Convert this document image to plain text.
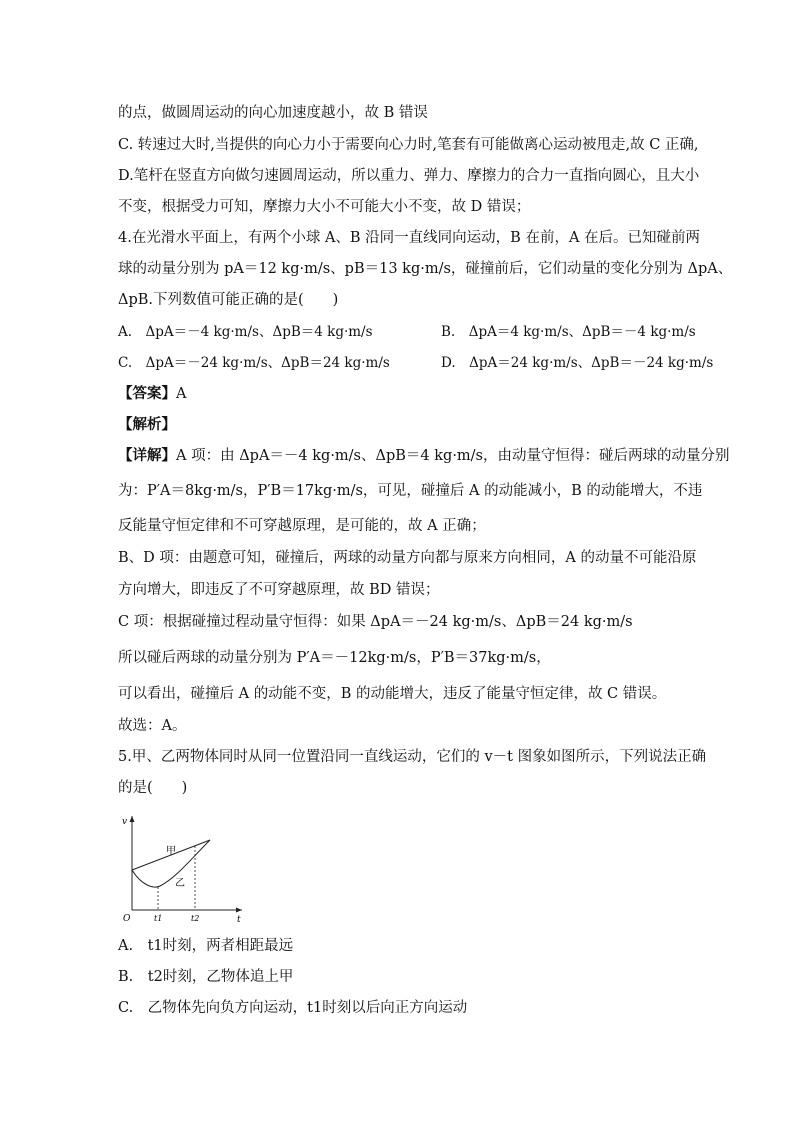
的点，做圆周运动的向心加速度越小，故 B 错误
C. 转速过大时,当提供的向心力小于需要向心力时,笔套有可能做离心运动被甩走,故 C 正确,
D.笔杆在竖直方向做匀速圆周运动，所以重力、弹力、摩擦力的合力一直指向圆心，且大小
不变，根据受力可知，摩擦力大小不可能大小不变，故 D 错误；
4.在光滑水平面上，有两个小球 A、B 沿同一直线同向运动，B 在前，A 在后。已知碰前两
球的动量分别为 pA＝12 kg·m/s、pB＝13 kg·m/s，碰撞前后，它们动量的变化分别为 ΔpA、
ΔpB.下列数值可能正确的是(　　)
A.　ΔpA＝－4 kg·m/s、ΔpB＝4 kg·m/s	B.　ΔpA＝4 kg·m/s、ΔpB＝－4 kg·m/s
C.　ΔpA＝－24 kg·m/s、ΔpB＝24 kg·m/s	D.　ΔpA＝24 kg·m/s、ΔpB＝－24 kg·m/s
【答案】A
【解析】
【详解】A 项：由 ΔpA＝－4 kg·m/s、ΔpB＝4 kg·m/s，由动量守恒得：碰后两球的动量分别
为：P′A＝8kg·m/s，P′B＝17kg·m/s，可见，碰撞后 A 的动能减小，B 的动能增大，不违
反能量守恒定律和不可穿越原理，是可能的，故 A 正确；
B、D 项：由题意可知，碰撞后，两球的动量方向都与原来方向相同，A 的动量不可能沿原
方向增大，即违反了不可穿越原理，故 BD 错误；
C 项：根据碰撞过程动量守恒得：如果 ΔpA＝－24 kg·m/s、ΔpB＝24 kg·m/s
所以碰后两球的动量分别为 P′A＝－12kg·m/s，P′B＝37kg·m/s，
可以看出，碰撞后 A 的动能不变，B 的动能增大，违反了能量守恒定律，故 C 错误。
故选：A。
5.甲、乙两物体同时从同一位置沿同一直线运动，它们的 v－t 图象如图所示，下列说法正确
的是(　　)
v
t
O	t1	t2
甲
乙
A.　t1时刻，两者相距最远
B.　t2时刻，乙物体追上甲
C.　乙物体先向负方向运动，t1时刻以后向正方向运动
